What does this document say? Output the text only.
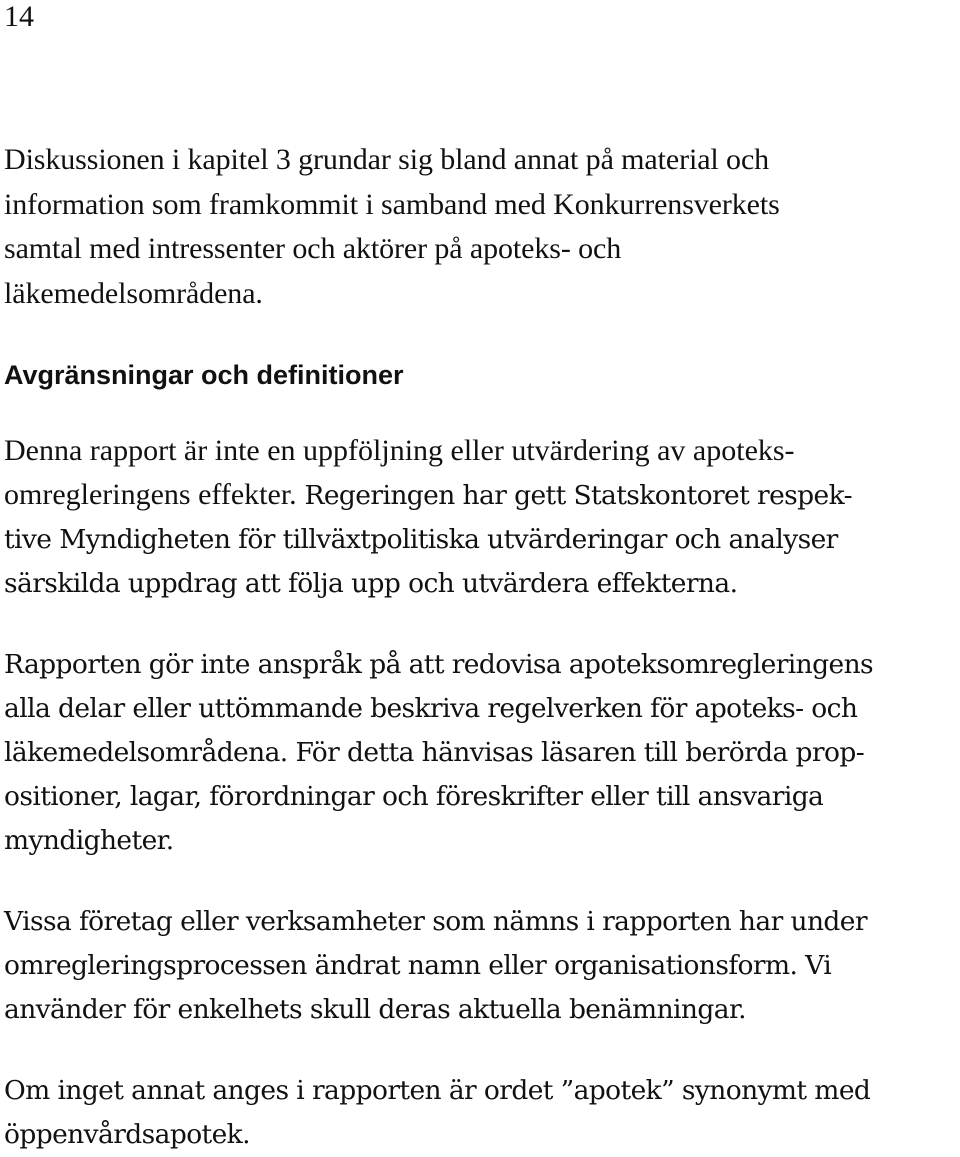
14

Diskussionen i kapitel 3 grundar sig bland annat på material och
information som framkommit i samband med Konkurrensverkets
samtal med intressenter och aktörer på apoteks- och
läkemedelsområdena.

Avgränsningar och definitioner

Denna rapport är inte en uppföljning eller utvärdering av apoteks-
omregleringens effekter. Regeringen har gett Statskontoret respek-
tive Myndigheten för tillväxtpolitiska utvärderingar och analyser
särskilda uppdrag att följa upp och utvärdera effekterna.

Rapporten gör inte anspråk på att redovisa apoteksomregleringens
alla delar eller uttömmande beskriva regelverken för apoteks- och
läkemedelsområdena. För detta hänvisas läsaren till berörda prop-
ositioner, lagar, förordningar och föreskrifter eller till ansvariga
myndigheter.

Vissa företag eller verksamheter som nämns i rapporten har under
omregleringsprocessen ändrat namn eller organisationsform. Vi
använder för enkelhets skull deras aktuella benämningar.

Om inget annat anges i rapporten är ordet ”apotek” synonymt med
öppenvårdsapotek.
